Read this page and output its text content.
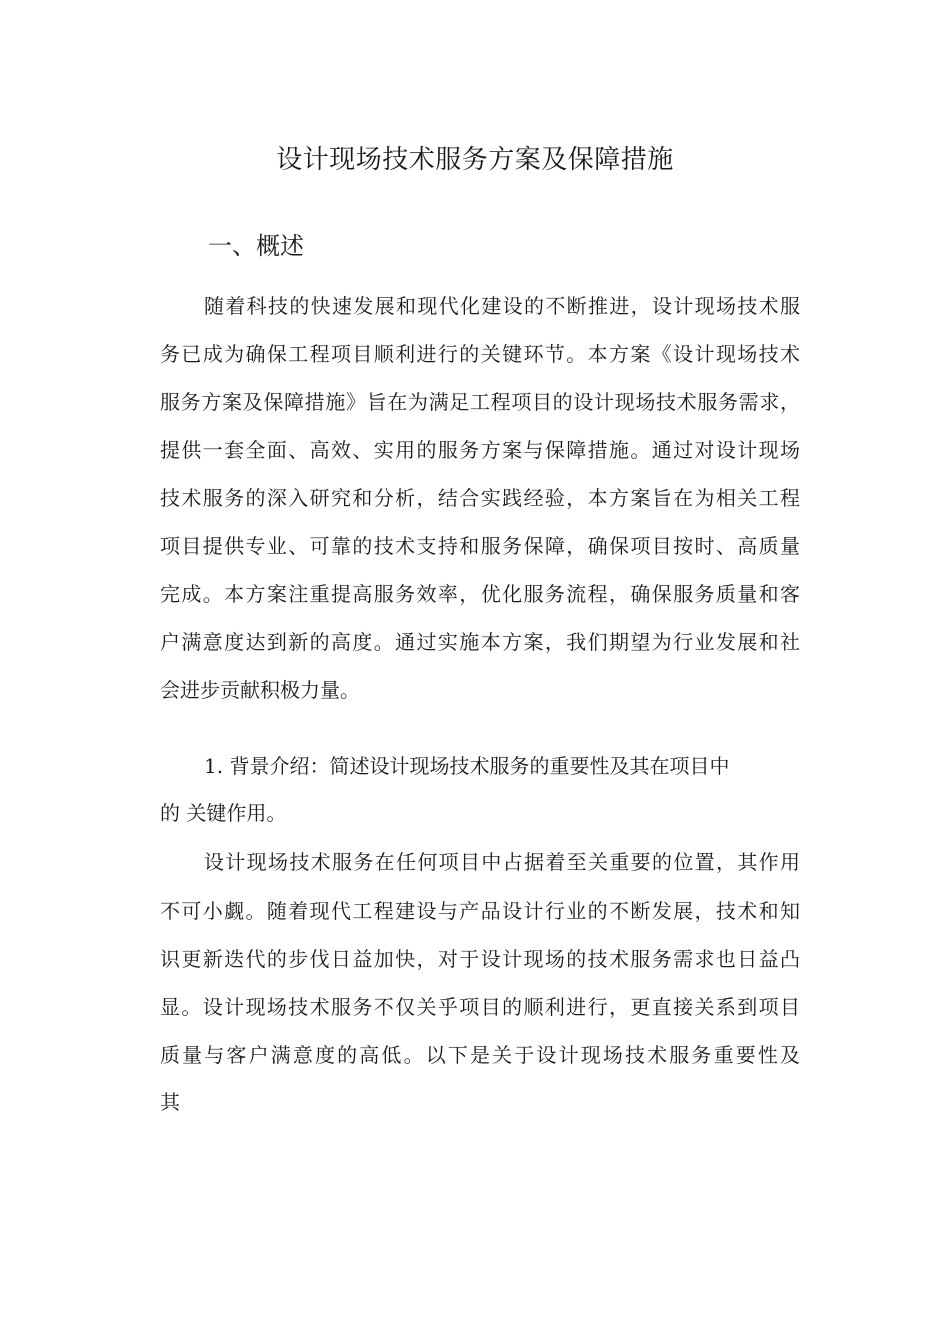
设计现场技术服务方案及保障措施
一、概述
随着科技的快速发展和现代化建设的不断推进，设计现场技术服
务已成为确保工程项目顺利进行的关键环节。本方案《设计现场技术
服务方案及保障措施》旨在为满足工程项目的设计现场技术服务需求，
提供一套全面、高效、实用的服务方案与保障措施。通过对设计现场
技术服务的深入研究和分析，结合实践经验，本方案旨在为相关工程
项目提供专业、可靠的技术支持和服务保障，确保项目按时、高质量
完成。本方案注重提高服务效率，优化服务流程，确保服务质量和客
户满意度达到新的高度。通过实施本方案，我们期望为行业发展和社
会进步贡献积极力量。
1. 背景介绍：简述设计现场技术服务的重要性及其在项目中
的 关键作用。
设计现场技术服务在任何项目中占据着至关重要的位置，其作用
不可小觑。随着现代工程建设与产品设计行业的不断发展，技术和知
识更新迭代的步伐日益加快，对于设计现场的技术服务需求也日益凸
显。设计现场技术服务不仅关乎项目的顺利进行，更直接关系到项目
质量与客户满意度的高低。以下是关于设计现场技术服务重要性及
其
